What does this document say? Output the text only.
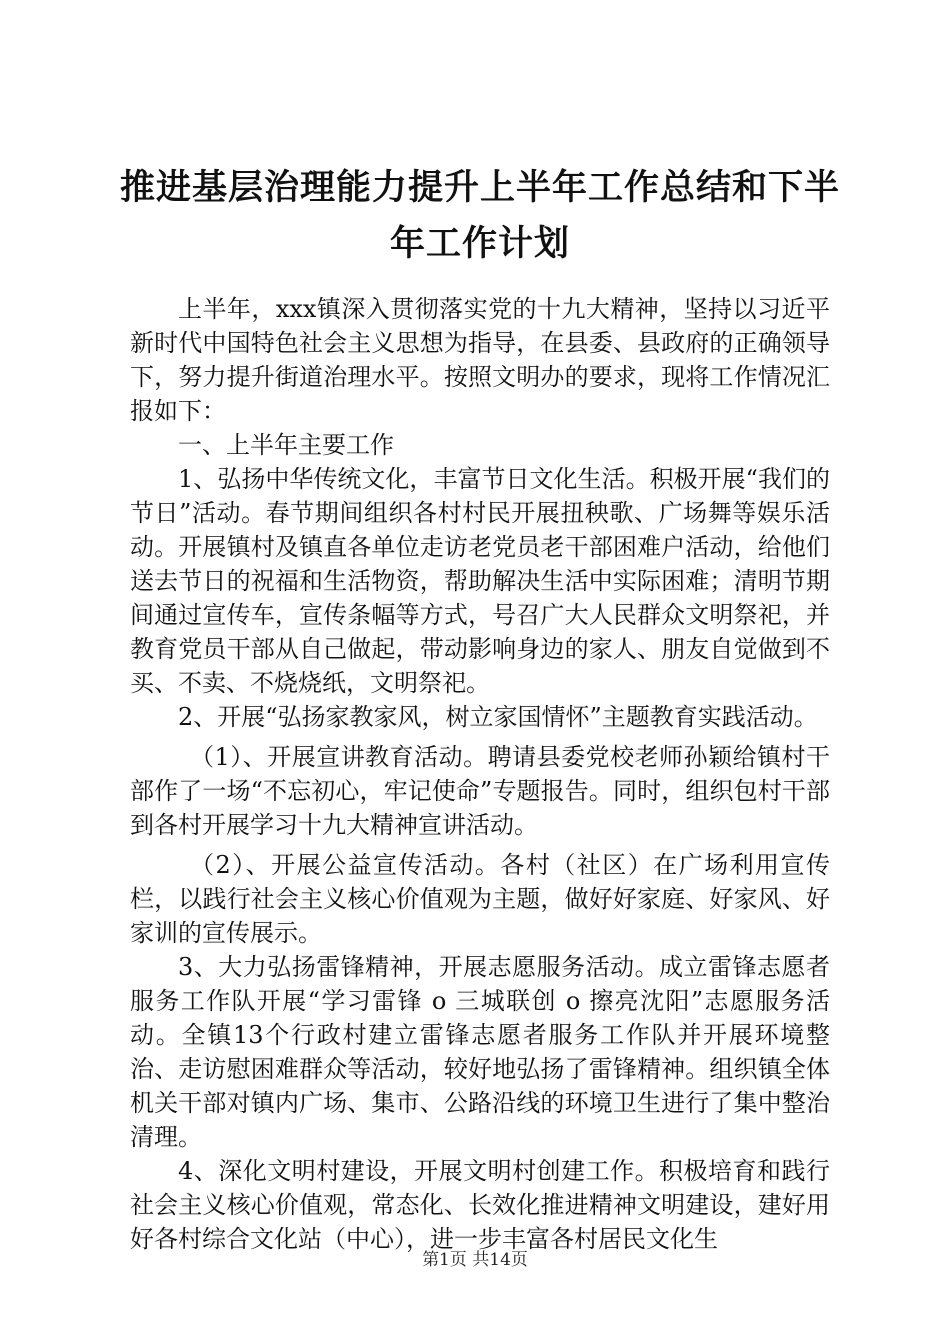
推进基层治理能力提升上半年工作总结和下半年工作计划

上半年，xxx镇深入贯彻落实党的十九大精神，坚持以习近平新时代中国特色社会主义思想为指导，在县委、县政府的正确领导下，努力提升街道治理水平。按照文明办的要求，现将工作情况汇报如下：

一、上半年主要工作

1、弘扬中华传统文化，丰富节日文化生活。积极开展“我们的节日”活动。春节期间组织各村村民开展扭秧歌、广场舞等娱乐活动。开展镇村及镇直各单位走访老党员老干部困难户活动，给他们送去节日的祝福和生活物资，帮助解决生活中实际困难；清明节期间通过宣传车，宣传条幅等方式，号召广大人民群众文明祭祀，并教育党员干部从自己做起，带动影响身边的家人、朋友自觉做到不买、不卖、不烧烧纸，文明祭祀。

2、开展“弘扬家教家风，树立家国情怀”主题教育实践活动。

（1）、开展宣讲教育活动。聘请县委党校老师孙颖给镇村干部作了一场“不忘初心，牢记使命”专题报告。同时，组织包村干部到各村开展学习十九大精神宣讲活动。

（2）、开展公益宣传活动。各村（社区）在广场利用宣传栏，以践行社会主义核心价值观为主题，做好好家庭、好家风、好家训的宣传展示。

3、大力弘扬雷锋精神，开展志愿服务活动。成立雷锋志愿者服务工作队开展“学习雷锋 o 三城联创 o 擦亮沈阳”志愿服务活动。全镇13个行政村建立雷锋志愿者服务工作队并开展环境整治、走访慰困难群众等活动，较好地弘扬了雷锋精神。组织镇全体机关干部对镇内广场、集市、公路沿线的环境卫生进行了集中整治清理。

4、深化文明村建设，开展文明村创建工作。积极培育和践行社会主义核心价值观，常态化、长效化推进精神文明建设，建好用好各村综合文化站（中心），进一步丰富各村居民文化生

第1页 共14页
